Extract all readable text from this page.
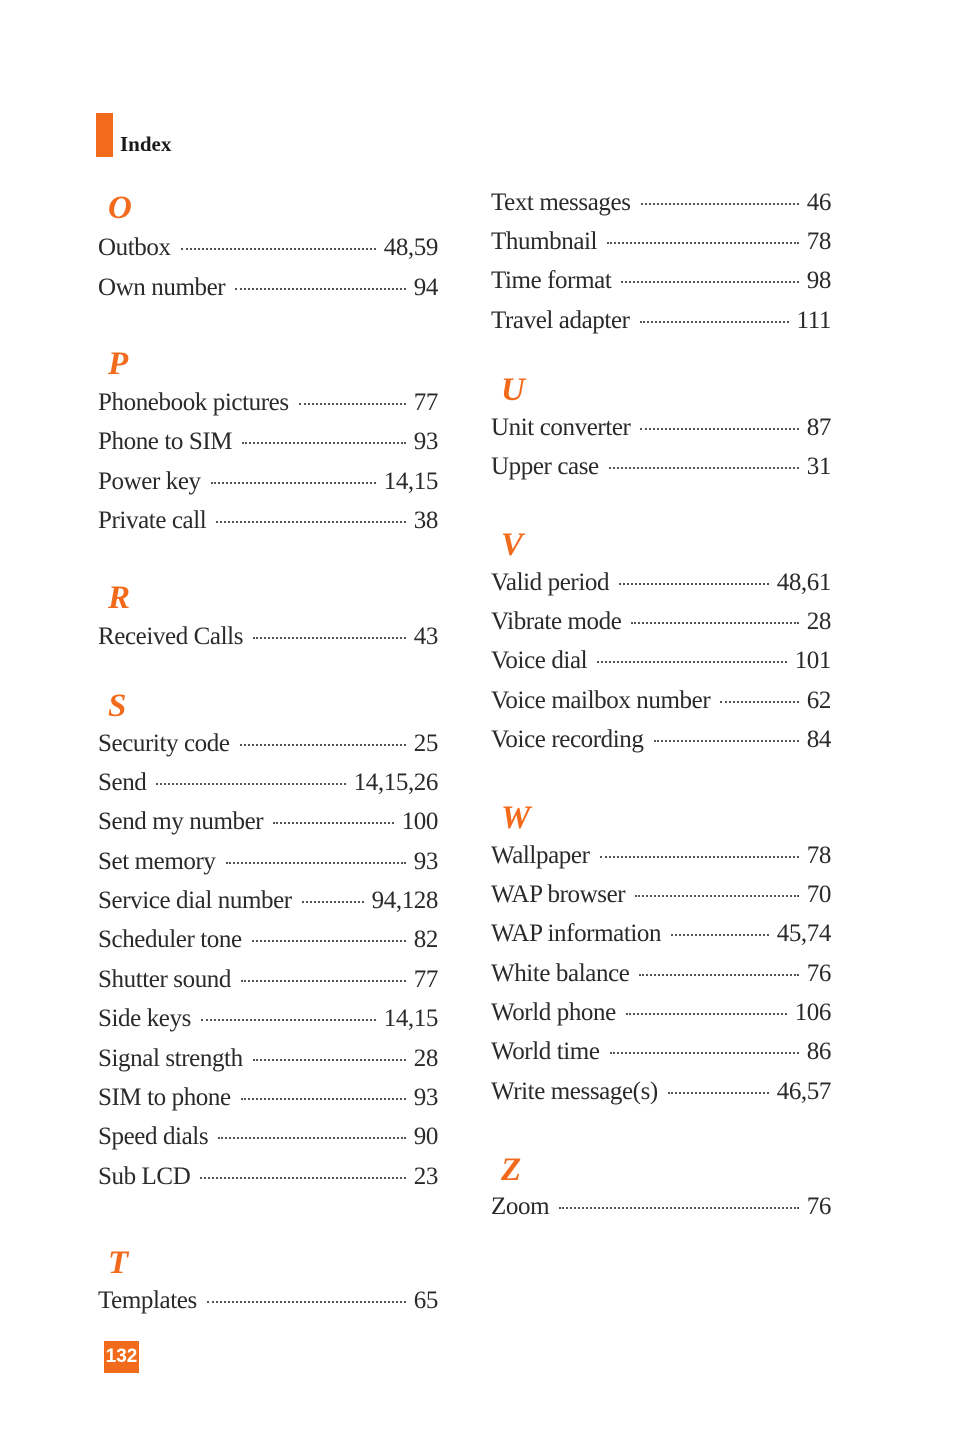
Index
O
Outbox	48,59
Own number	94
P
Phonebook pictures	77
Phone to SIM	93
Power key	14,15
Private call	38
R
Received Calls	43
S
Security code	25
Send	14,15,26
Send my number	100
Set memory	93
Service dial number	94,128
Scheduler tone	82
Shutter sound	77
Side keys	14,15
Signal strength	28
SIM to phone	93
Speed dials	90
Sub LCD	23
T
Templates	65
Text messages	46
Thumbnail	78
Time format	98
Travel adapter	111
U
Unit converter	87
Upper case	31
V
Valid period	48,61
Vibrate mode	28
Voice dial	101
Voice mailbox number	62
Voice recording	84
W
Wallpaper	78
WAP browser	70
WAP information	45,74
White balance	76
World phone	106
World time	86
Write message(s)	46,57
Z
Zoom	76
132
